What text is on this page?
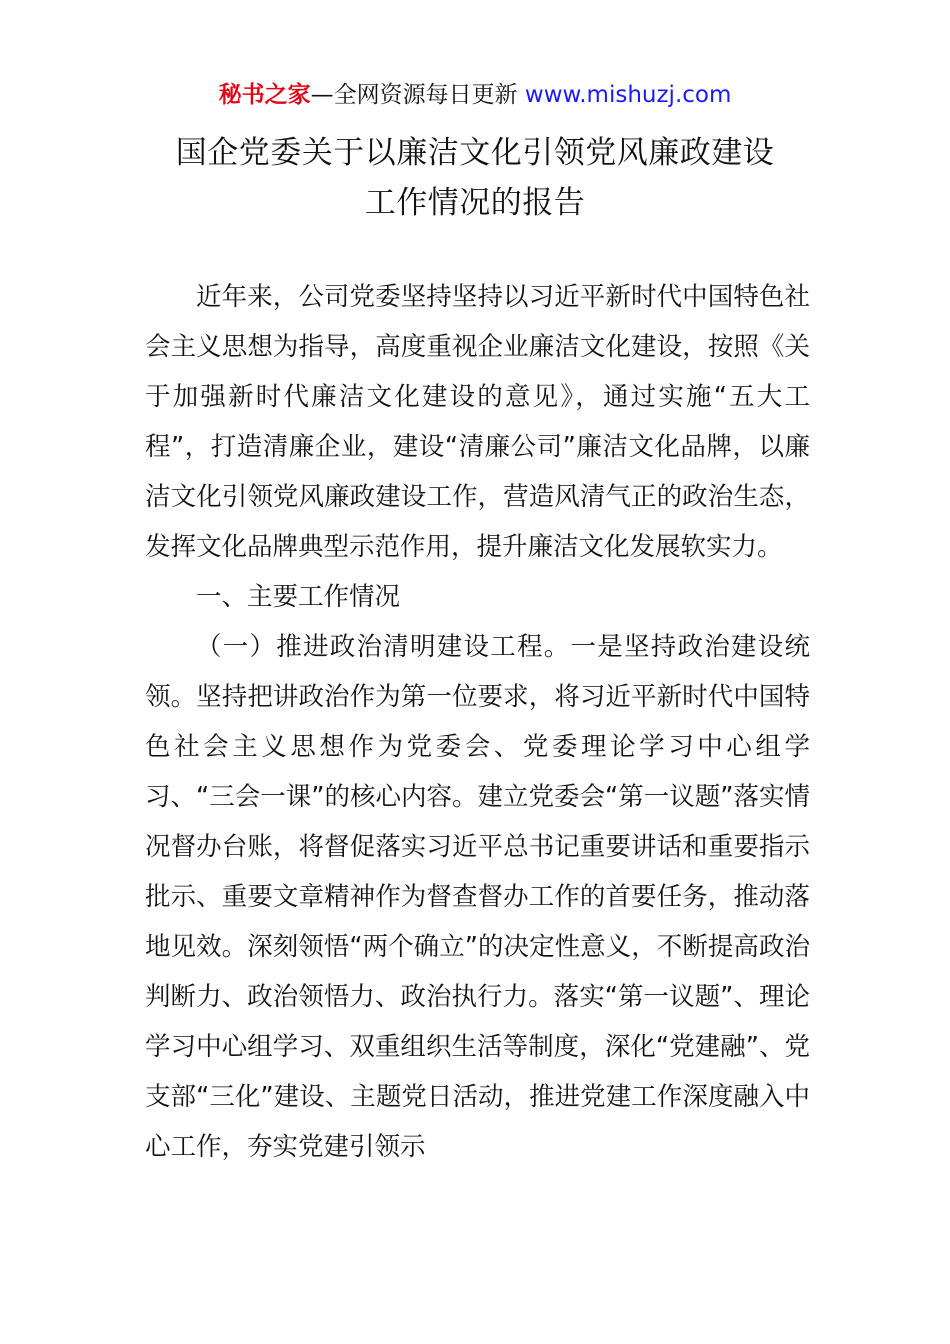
秘书之家—全网资源每日更新 www.mishuzj.com
国企党委关于以廉洁文化引领党风廉政建设
工作情况的报告

近年来，公司党委坚持坚持以习近平新时代中国特色社会主义思想为指导，高度重视企业廉洁文化建设，按照《关于加强新时代廉洁文化建设的意见》，通过实施“五大工程”，打造清廉企业，建设“清廉公司”廉洁文化品牌，以廉洁文化引领党风廉政建设工作，营造风清气正的政治生态，发挥文化品牌典型示范作用，提升廉洁文化发展软实力。

一、主要工作情况

（一）推进政治清明建设工程。一是坚持政治建设统领。坚持把讲政治作为第一位要求，将习近平新时代中国特色社会主义思想作为党委会、党委理论学习中心组学习、“三会一课”的核心内容。建立党委会“第一议题”落实情况督办台账，将督促落实习近平总书记重要讲话和重要指示批示、重要文章精神作为督查督办工作的首要任务，推动落地见效。深刻领悟“两个确立”的决定性意义，不断提高政治判断力、政治领悟力、政治执行力。落实“第一议题”、理论学习中心组学习、双重组织生活等制度，深化“党建融”、党支部“三化”建设、主题党日活动，推进党建工作深度融入中心工作，夯实党建引领示
